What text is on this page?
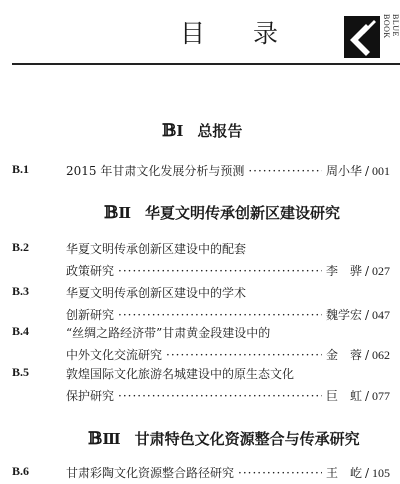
目 录	BLUE BOOK
𝔹Ⅰ 总报告
B.1	2015 年甘肃文化发展分析与预测 ·····	周小华 / 001
𝔹Ⅱ 华夏文明传承创新区建设研究
B.2	华夏文明传承创新区建设中的配套
政策研究 ·····	李　骅 / 027
B.3	华夏文明传承创新区建设中的学术
创新研究 ·····	魏学宏 / 047
B.4	“丝绸之路经济带”甘肃黄金段建设中的
中外文化交流研究 ·····	金　蓉 / 062
B.5	敦煌国际文化旅游名城建设中的原生态文化
保护研究 ·····	巨　虹 / 077
𝔹Ⅲ 甘肃特色文化资源整合与传承研究
B.6	甘肃彩陶文化资源整合路径研究 ·····	王　屹 / 105
